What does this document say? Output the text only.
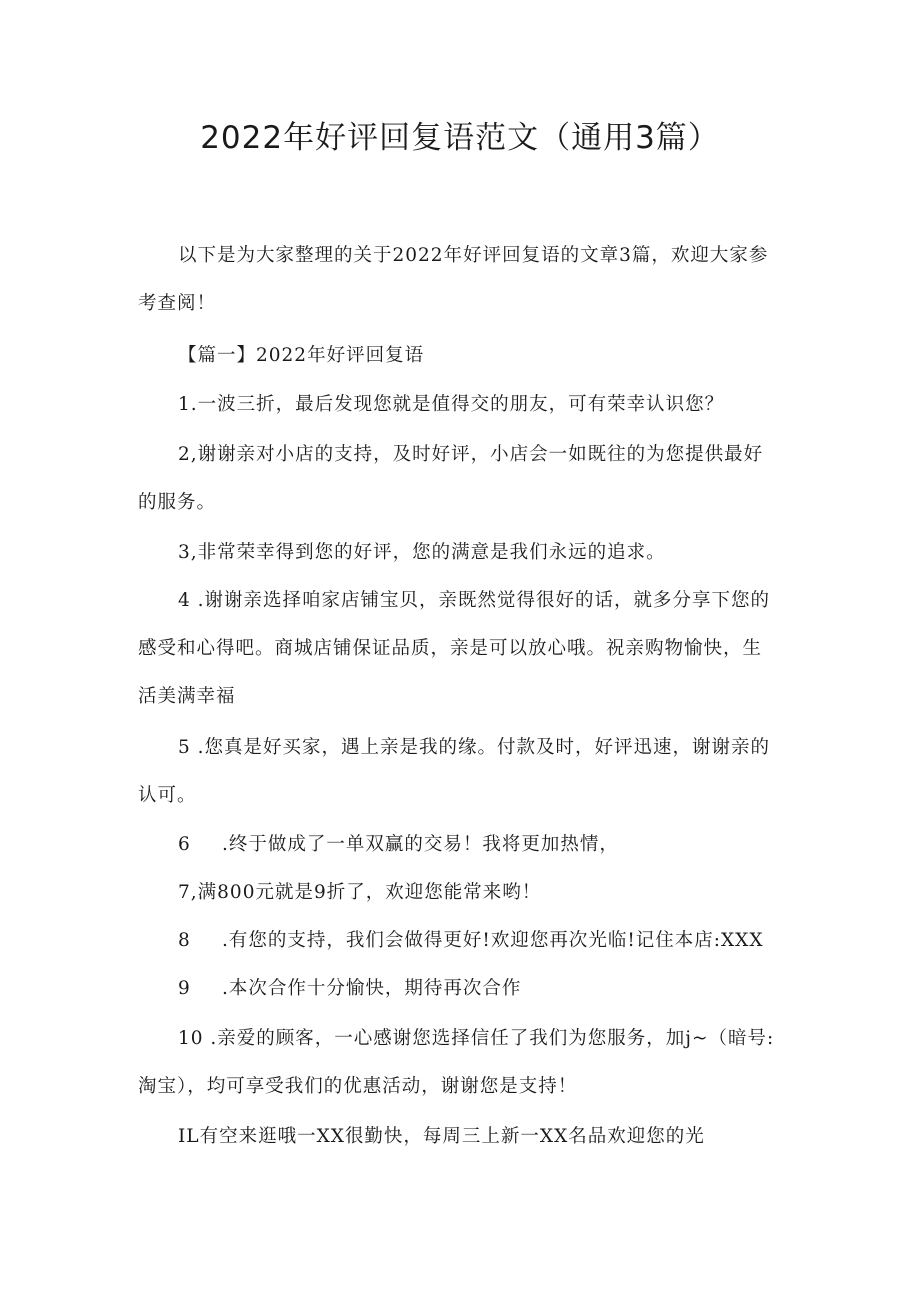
2022年好评回复语范文（通用3篇）
以下是为大家整理的关于2022年好评回复语的文章3篇，欢迎大家参
考查阅！
【篇一】2022年好评回复语
1.一波三折，最后发现您就是值得交的朋友，可有荣幸认识您？
2,谢谢亲对小店的支持，及时好评，小店会一如既往的为您提供最好
的服务。
3,非常荣幸得到您的好评，您的满意是我们永远的追求。
4 .谢谢亲选择咱家店铺宝贝，亲既然觉得很好的话，就多分享下您的
感受和心得吧。商城店铺保证品质，亲是可以放心哦。祝亲购物愉快，生
活美满幸福
5 .您真是好买家，遇上亲是我的缘。付款及时，好评迅速，谢谢亲的
认可。
6 .终于做成了一单双赢的交易！我将更加热情，
7,满800元就是9折了，欢迎您能常来哟！
8 .有您的支持，我们会做得更好!欢迎您再次光临!记住本店:XXX
9 .本次合作十分愉快，期待再次合作
10 .亲爱的顾客，一心感谢您选择信任了我们为您服务，加j~（暗号:
淘宝），均可享受我们的优惠活动，谢谢您是支持！
IL有空来逛哦一XX很勤快，每周三上新一XX名品欢迎您的光
